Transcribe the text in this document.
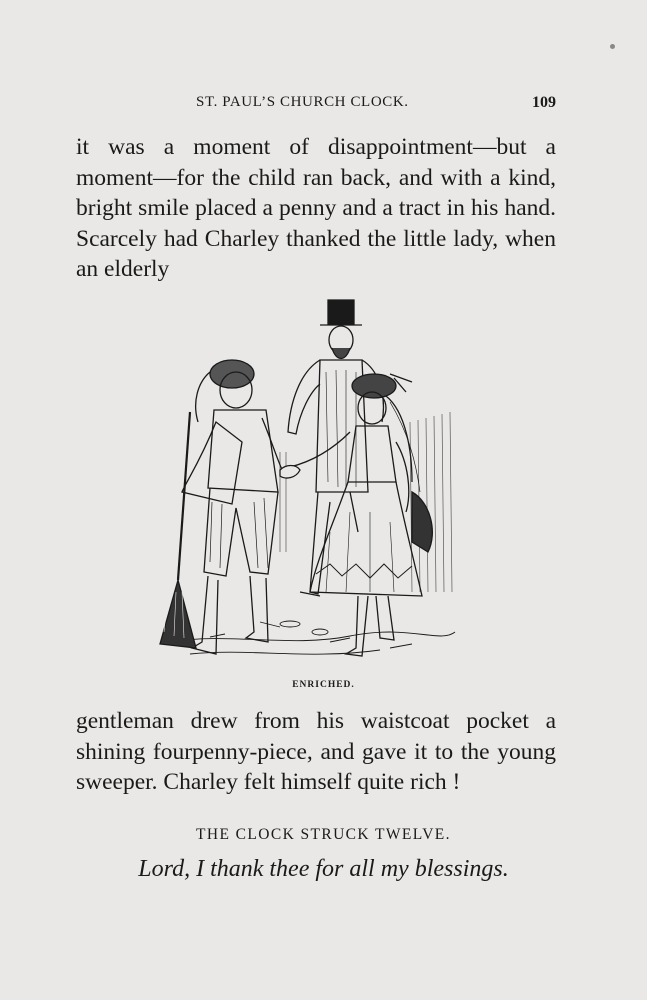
ST. PAUL’S CHURCH CLOCK.	109
it was a moment of disappointment—but a moment—for the child ran back, and with a kind, bright smile placed a penny and a tract in his hand. Scarcely had Charley thanked the little lady, when an elderly
ENRICHED.
gentleman drew from his waistcoat pocket a shining fourpenny-piece, and gave it to the young sweeper. Charley felt himself quite rich !
THE CLOCK STRUCK TWELVE.
Lord, I thank thee for all my blessings.
